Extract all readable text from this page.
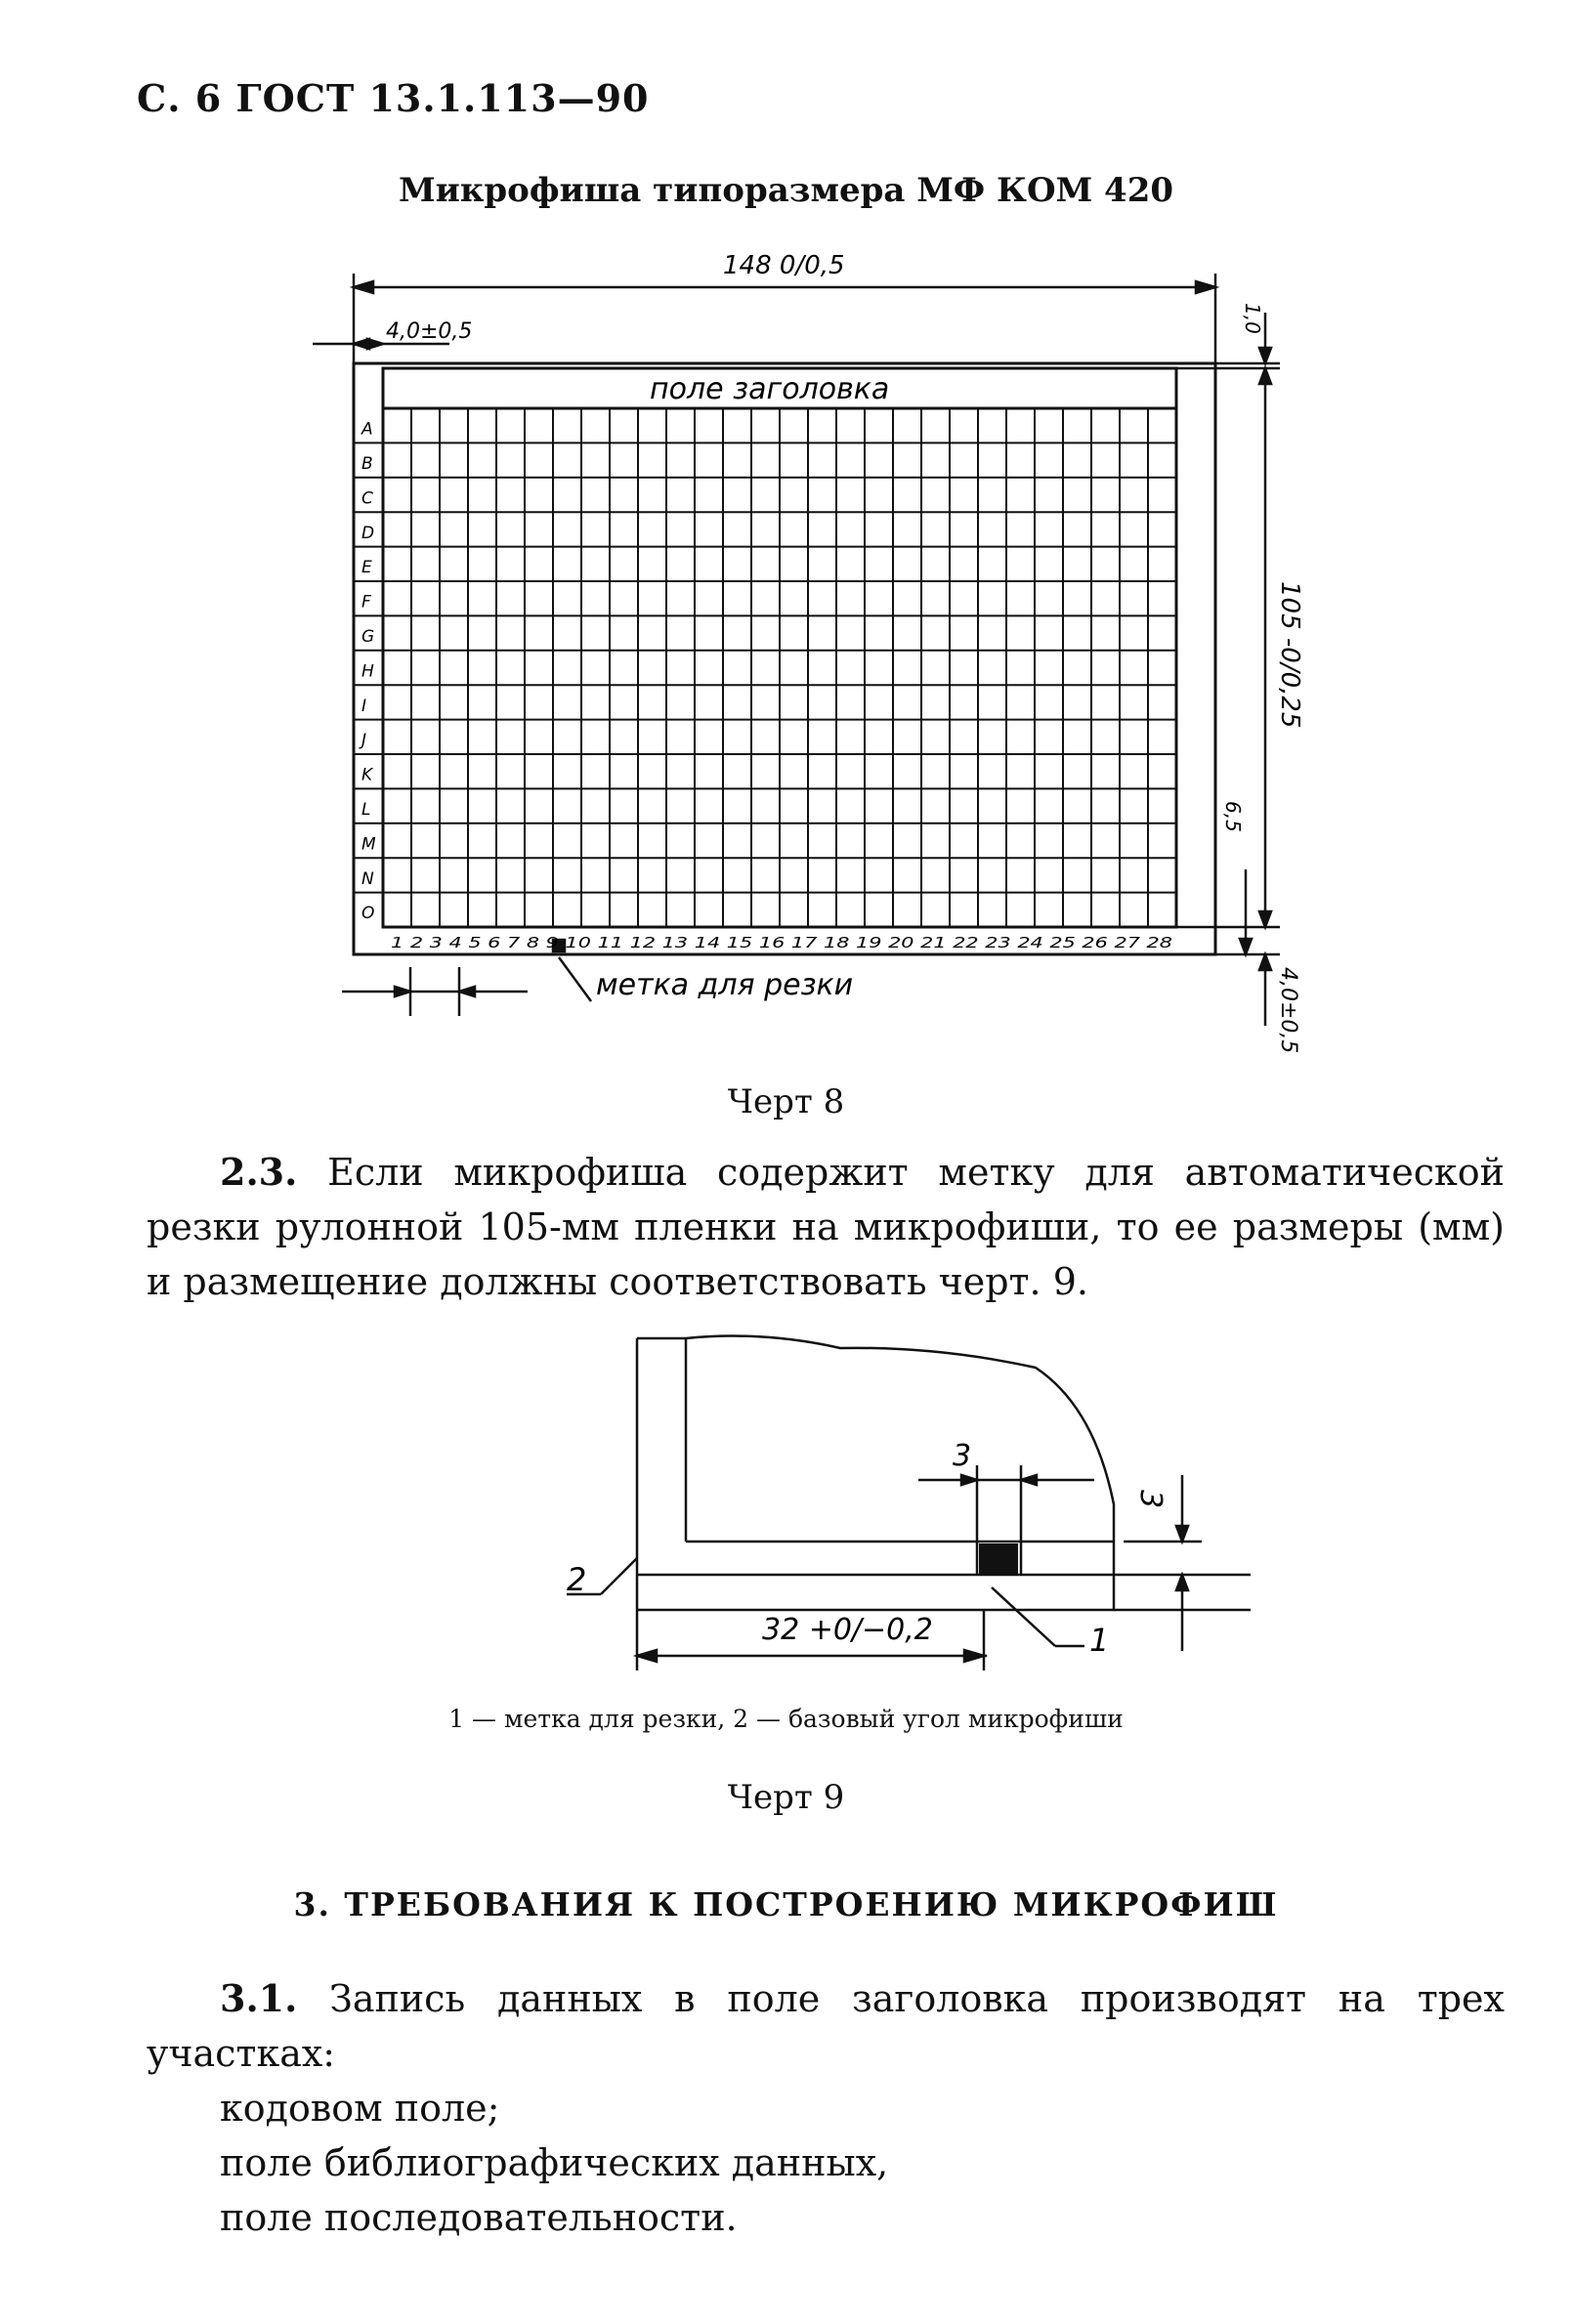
С. 6 ГОСТ 13.1.113—90
Микрофиша типоразмера МФ КОМ 420
148 0/0,5
4,0±0,5	1,0
поле заголовка
105 ‑0/0,25
6,5
4,0±0,5
метка для резки
A
B
C
D
E
F
G
H
I
J
K
L
M
N
O
1 2 3 4 5 6 7 8 9 10 11 12 13 14 15 16 17 18 19 20 21 22 23 24 25 26 27 28
Черт 8
2.3. Если микрофиша содержит метку для автоматической резки рулонной 105-мм пленки на микрофиши, то ее размеры (мм) и размещение должны соответствовать черт. 9.
3
3
32 +0/−0,2	1
2
1 — метка для резки, 2 — базовый угол микрофиши
Черт 9
3. ТРЕБОВАНИЯ К ПОСТРОЕНИЮ МИКРОФИШ
3.1. Запись данных в поле заголовка производят на трех участках:
кодовом поле;
поле библиографических данных,
поле последовательности.
